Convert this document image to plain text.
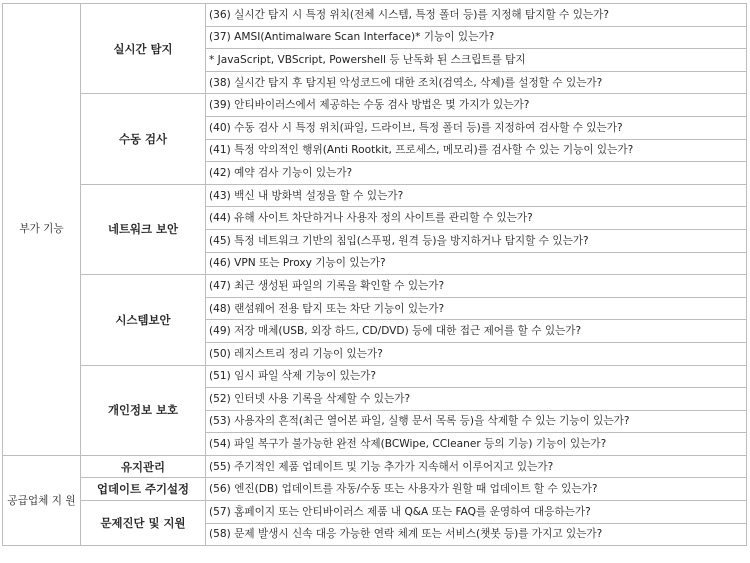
부가 기능	실시간 탐지	(36) 실시간 탐지 시 특정 위치(전체 시스템, 특정 폴더 등)를 지정해 탐지할 수 있는가?
		(37) AMSI(Antimalware Scan Interface)* 기능이 있는가?
		* JavaScript, VBScript, Powershell 등 난독화 된 스크립트를 탐지
		(38) 실시간 탐지 후 탐지된 악성코드에 대한 조치(검역소, 삭제)를 설정할 수 있는가?
	수동 검사	(39) 안티바이러스에서 제공하는 수동 검사 방법은 몇 가지가 있는가?
		(40) 수동 검사 시 특정 위치(파일, 드라이브, 특정 폴더 등)를 지정하여 검사할 수 있는가?
		(41) 특정 악의적인 행위(Anti Rootkit, 프로세스, 메모리)를 검사할 수 있는 기능이 있는가?
		(42) 예약 검사 기능이 있는가?
	네트워크 보안	(43) 백신 내 방화벽 설정을 할 수 있는가?
		(44) 유해 사이트 차단하거나 사용자 정의 사이트를 관리할 수 있는가?
		(45) 특정 네트워크 기반의 침입(스푸핑, 원격 등)을 방지하거나 탐지할 수 있는가?
		(46) VPN 또는 Proxy 기능이 있는가?
	시스템보안	(47) 최근 생성된 파일의 기록을 확인할 수 있는가?
		(48) 랜섬웨어 전용 탐지 또는 차단 기능이 있는가?
		(49) 저장 매체(USB, 외장 하드, CD/DVD) 등에 대한 접근 제어를 할 수 있는가?
		(50) 레지스트리 정리 기능이 있는가?
	개인정보 보호	(51) 임시 파일 삭제 기능이 있는가?
		(52) 인터넷 사용 기록을 삭제할 수 있는가?
		(53) 사용자의 흔적(최근 열어본 파일, 실행 문서 목록 등)을 삭제할 수 있는 기능이 있는가?
		(54) 파일 복구가 불가능한 완전 삭제(BCWipe, CCleaner 등의 기능) 기능이 있는가?
공급업체 지 원	유지관리	(55) 주기적인 제품 업데이트 및 기능 추가가 지속해서 이루어지고 있는가?
	업데이트 주기설정	(56) 엔진(DB) 업데이트를 자동/수동 또는 사용자가 원할 때 업데이트 할 수 있는가?
	문제진단 및 지원	(57) 홈페이지 또는 안티바이러스 제품 내 Q&A 또는 FAQ를 운영하여 대응하는가?
		(58) 문제 발생시 신속 대응 가능한 연락 체계 또는 서비스(챗봇 등)를 가지고 있는가?
